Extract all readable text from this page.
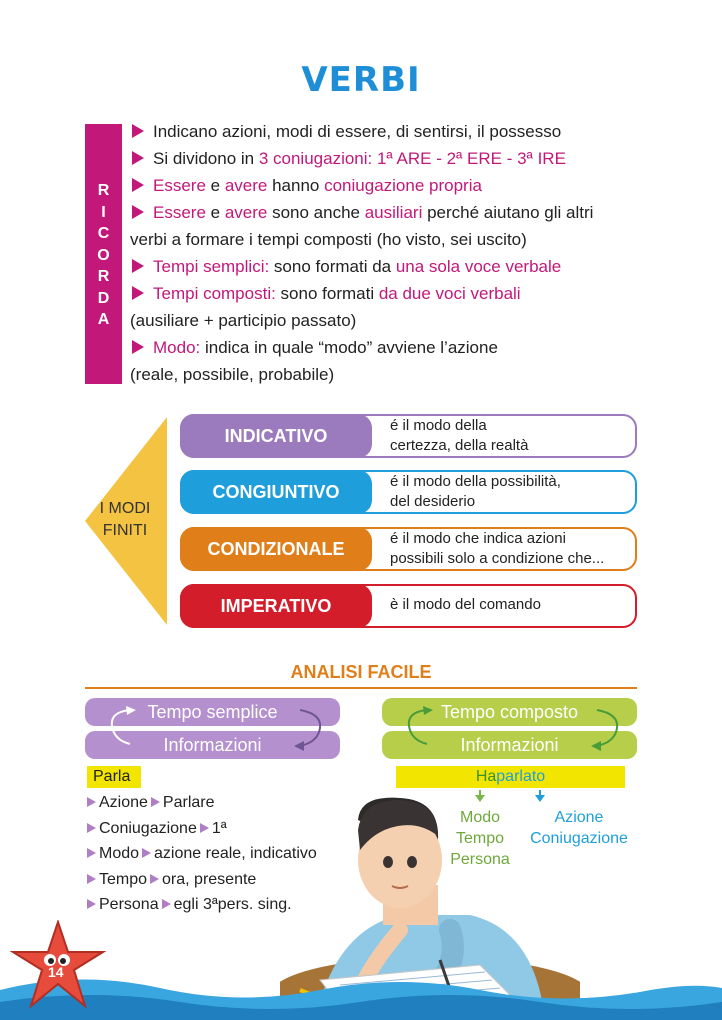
VERBI
R
I
C
O
R
D
A
Indicano azioni, modi di essere, di sentirsi, il possesso
Si dividono in 3 coniugazioni: 1ª ARE - 2ª ERE - 3ª IRE
Essere e avere hanno coniugazione propria
Essere e avere sono anche ausiliari perché aiutano gli altri
verbi a formare i tempi composti (ho visto, sei uscito)
Tempi semplici: sono formati da una sola voce verbale
Tempi composti: sono formati da due voci verbali
(ausiliare + participio passato)
Modo: indica in quale “modo” avviene l’azione
(reale, possibile, probabile)
I MODI
FINITI
INDICATIVO	é il modo della
certezza, della realtà
CONGIUNTIVO	é il modo della possibilità,
del desiderio
CONDIZIONALE	é il modo che indica azioni
possibili solo a condizione che...
IMPERATIVO	è il modo del comando
ANALISI FACILE
Tempo semplice
Informazioni
Tempo composto
Informazioni
Parla	Ha parlato
Azione Parlare
Coniugazione 1ª
Modo azione reale, indicativo
Tempo ora, presente
Persona egli 3ªpers. sing.
Modo
Tempo
Persona
Azione
Coniugazione
14
